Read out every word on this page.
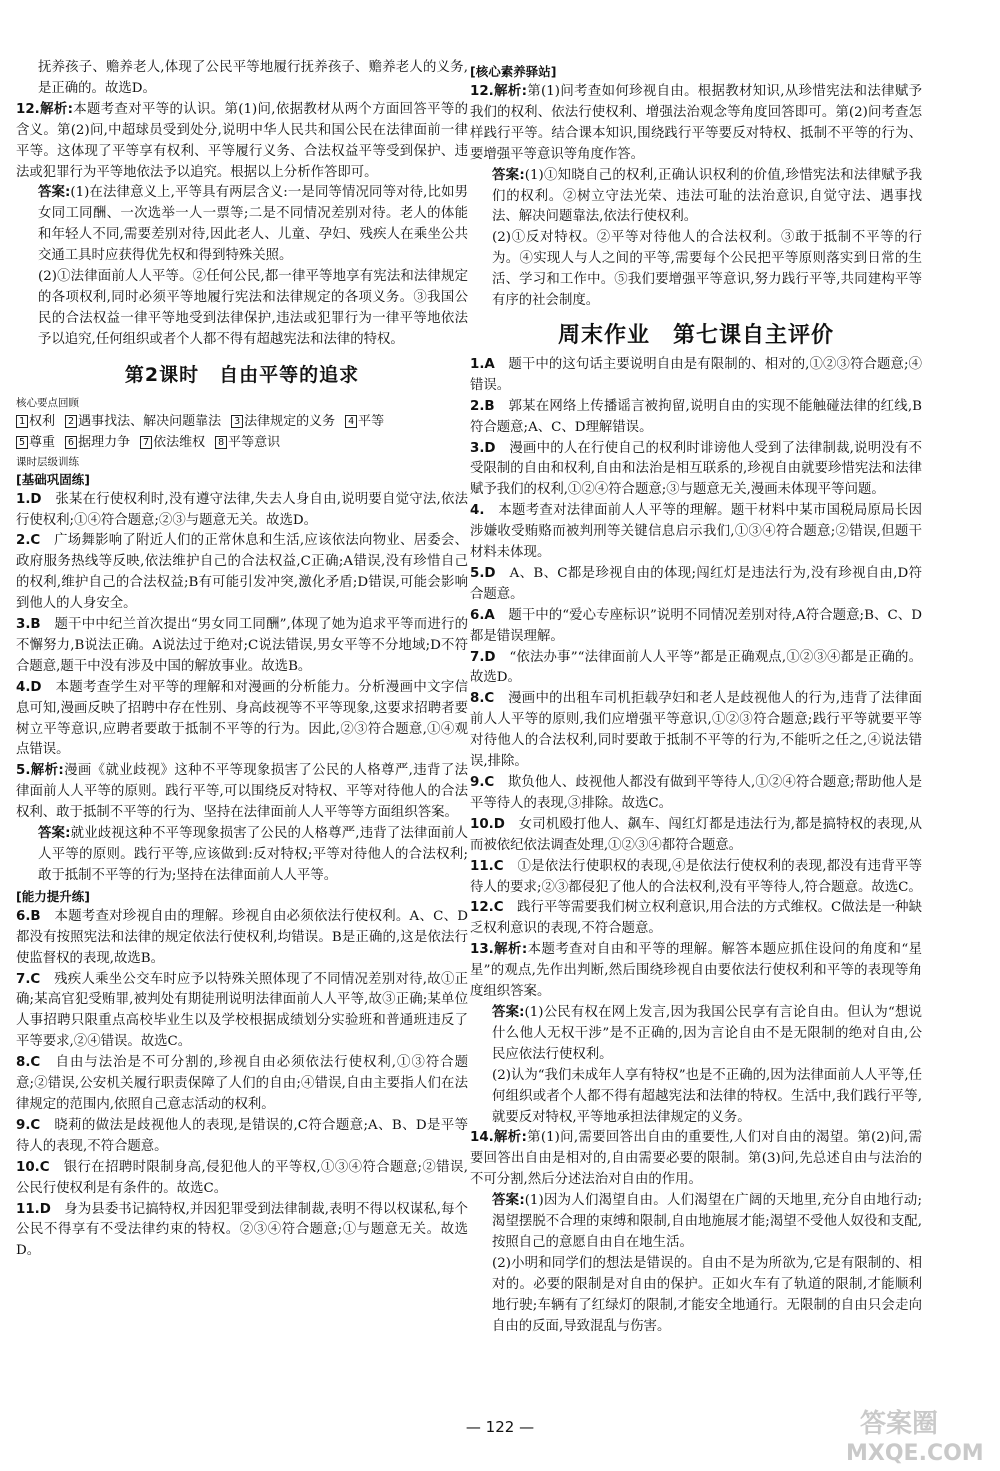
抚养孩子、赡养老人,体现了公民平等地履行抚养孩子、赡养老人的义务,是正确的。故选D。

12.解析:本题考查对平等的认识。第(1)问,依据教材从两个方面回答平等的含义。第(2)问,中超球员受到处分,说明中华人民共和国公民在法律面前一律平等。这体现了平等享有权利、平等履行义务、合法权益平等受到保护、违法或犯罪行为平等地依法予以追究。根据以上分析作答即可。

答案:(1)在法律意义上,平等具有两层含义:一是同等情况同等对待,比如男女同工同酬、一次选举一人一票等;二是不同情况差别对待。老人的体能和年轻人不同,需要差别对待,因此老人、儿童、孕妇、残疾人在乘坐公共交通工具时应获得优先权和得到特殊关照。

(2)①法律面前人人平等。②任何公民,都一律平等地享有宪法和法律规定的各项权利,同时必须平等地履行宪法和法律规定的各项义务。③我国公民的合法权益一律平等地受到法律保护,违法或犯罪行为一律平等地依法予以追究,任何组织或者个人都不得有超越宪法和法律的特权。

第2课时　自由平等的追求
核心要点回顾
1 权利	2 遇事找法、解决问题靠法	3 法律规定的义务	4 平等
5 尊重	6 据理力争	7 依法维权	8 平等意识
课时层级训练
[基础巩固练]

1.D　 张某在行使权利时,没有遵守法律,失去人身自由,说明要自觉守法,依法行使权利;①④符合题意;②③与题意无关。故选D。

2.C　 广场舞影响了附近人们的正常休息和生活,应该依法向物业、居委会、政府服务热线等反映,依法维护自己的合法权益,C正确;A错误,没有珍惜自己的权利,维护自己的合法权益;B有可能引发冲突,激化矛盾;D错误,可能会影响到他人的人身安全。

3.B　 题干中中纪兰首次提出“男女同工同酬”,体现了她为追求平等而进行的不懈努力,B说法正确。A说法过于绝对;C说法错误,男女平等不分地域;D不符合题意,题干中没有涉及中国的解放事业。故选B。

4.D　 本题考查学生对平等的理解和对漫画的分析能力。分析漫画中文字信息可知,漫画反映了招聘中存在性别、身高歧视等不平等现象,这要求招聘者要树立平等意识,应聘者要敢于抵制不平等的行为。因此,②③符合题意,①④观点错误。

5.解析:漫画《就业歧视》这种不平等现象损害了公民的人格尊严,违背了法律面前人人平等的原则。践行平等,可以围绕反对特权、平等对待他人的合法权利、敢于抵制不平等的行为、坚持在法律面前人人平等等方面组织答案。

答案:就业歧视这种不平等现象损害了公民的人格尊严,违背了法律面前人人平等的原则。践行平等,应该做到:反对特权;平等对待他人的合法权利;敢于抵制不平等的行为;坚持在法律面前人人平等。

[能力提升练]

6.B　 本题考查对珍视自由的理解。珍视自由必须依法行使权利。A、C、D都没有按照宪法和法律的规定依法行使权利,均错误。B是正确的,这是依法行使监督权的表现,故选B。

7.C　 残疾人乘坐公交车时应予以特殊关照体现了不同情况差别对待,故①正确;某高官犯受贿罪,被判处有期徒刑说明法律面前人人平等,故③正确;某单位人事招聘只限重点高校毕业生以及学校根据成绩划分实验班和普通班违反了平等要求,②④错误。故选C。

8.C　 自由与法治是不可分割的,珍视自由必须依法行使权利,①③符合题意;②错误,公安机关履行职责保障了人们的自由;④错误,自由主要指人们在法律规定的范围内,依照自己意志活动的权利。

9.C　 晓莉的做法是歧视他人的表现,是错误的,C符合题意;A、B、D是平等待人的表现,不符合题意。

10.C　 银行在招聘时限制身高,侵犯他人的平等权,①③④符合题意;②错误,公民行使权利是有条件的。故选C。

11.D　 身为县委书记搞特权,并因犯罪受到法律制裁,表明不得以权谋私,每个公民不得享有不受法律约束的特权。②③④符合题意;①与题意无关。故选D。

[核心素养驿站]

12.解析:第(1)问考查如何珍视自由。根据教材知识,从珍惜宪法和法律赋予我们的权利、依法行使权利、增强法治观念等角度回答即可。第(2)问考查怎样践行平等。结合课本知识,围绕践行平等要反对特权、抵制不平等的行为、要增强平等意识等角度作答。

答案:(1)①知晓自己的权利,正确认识权利的价值,珍惜宪法和法律赋予我们的权利。②树立守法光荣、违法可耻的法治意识,自觉守法、遇事找法、解决问题靠法,依法行使权利。

(2)①反对特权。②平等对待他人的合法权利。③敢于抵制不平等的行为。④实现人与人之间的平等,需要每个公民把平等原则落实到日常的生活、学习和工作中。⑤我们要增强平等意识,努力践行平等,共同建构平等有序的社会制度。

周末作业　第七课自主评价

1.A　 题干中的这句话主要说明自由是有限制的、相对的,①②③符合题意;④错误。

2.B　 郭某在网络上传播谣言被拘留,说明自由的实现不能触碰法律的红线,B符合题意;A、C、D理解错误。

3.D　 漫画中的人在行使自己的权利时诽谤他人受到了法律制裁,说明没有不受限制的自由和权利,自由和法治是相互联系的,珍视自由就要珍惜宪法和法律赋予我们的权利,①②④符合题意;③与题意无关,漫画未体现平等问题。

4.　 本题考查对法律面前人人平等的理解。题干材料中某市国税局原局长因涉嫌收受贿赂而被判刑等关键信息启示我们,①③④符合题意;②错误,但题干材料未体现。

5.D　 A、B、C都是珍视自由的体现;闯红灯是违法行为,没有珍视自由,D符合题意。

6.A　 题干中的“爱心专座标识”说明不同情况差别对待,A符合题意;B、C、D都是错误理解。

7.D　 “依法办事”“法律面前人人平等”都是正确观点,①②③④都是正确的。故选D。

8.C　 漫画中的出租车司机拒载孕妇和老人是歧视他人的行为,违背了法律面前人人平等的原则,我们应增强平等意识,①②③符合题意;践行平等就要平等对待他人的合法权利,同时要敢于抵制不平等的行为,不能听之任之,④说法错误,排除。

9.C　 欺负他人、歧视他人都没有做到平等待人,①②④符合题意;帮助他人是平等待人的表现,③排除。故选C。

10.D　 女司机殴打他人、飙车、闯红灯都是违法行为,都是搞特权的表现,从而被依纪依法调查处理,①②③④都符合题意。

11.C　 ①是依法行使职权的表现,④是依法行使权利的表现,都没有违背平等待人的要求;②③都侵犯了他人的合法权利,没有平等待人,符合题意。故选C。

12.C　 践行平等需要我们树立权利意识,用合法的方式维权。C做法是一种缺乏权利意识的表现,不符合题意。

13.解析:本题考查对自由和平等的理解。解答本题应抓住设问的角度和“星星”的观点,先作出判断,然后围绕珍视自由要依法行使权利和平等的表现等角度组织答案。

答案:(1)公民有权在网上发言,因为我国公民享有言论自由。但认为“想说什么他人无权干涉”是不正确的,因为言论自由不是无限制的绝对自由,公民应依法行使权利。

(2)认为“我们未成年人享有特权”也是不正确的,因为法律面前人人平等,任何组织或者个人都不得有超越宪法和法律的特权。生活中,我们践行平等,就要反对特权,平等地承担法律规定的义务。

14.解析:第(1)问,需要回答出自由的重要性,人们对自由的渴望。第(2)问,需要回答出自由是相对的,自由需要必要的限制。第(3)问,先总述自由与法治的不可分割,然后分述法治对自由的作用。

答案:(1)因为人们渴望自由。人们渴望在广阔的天地里,充分自由地行动;渴望摆脱不合理的束缚和限制,自由地施展才能;渴望不受他人奴役和支配,按照自己的意愿自由自在地生活。

(2)小明和同学们的想法是错误的。自由不是为所欲为,它是有限制的、相对的。必要的限制是对自由的保护。正如火车有了轨道的限制,才能顺利地行驶;车辆有了红绿灯的限制,才能安全地通行。无限制的自由只会走向自由的反面,导致混乱与伤害。

— 122 —	答案圈
MXQE.COM
